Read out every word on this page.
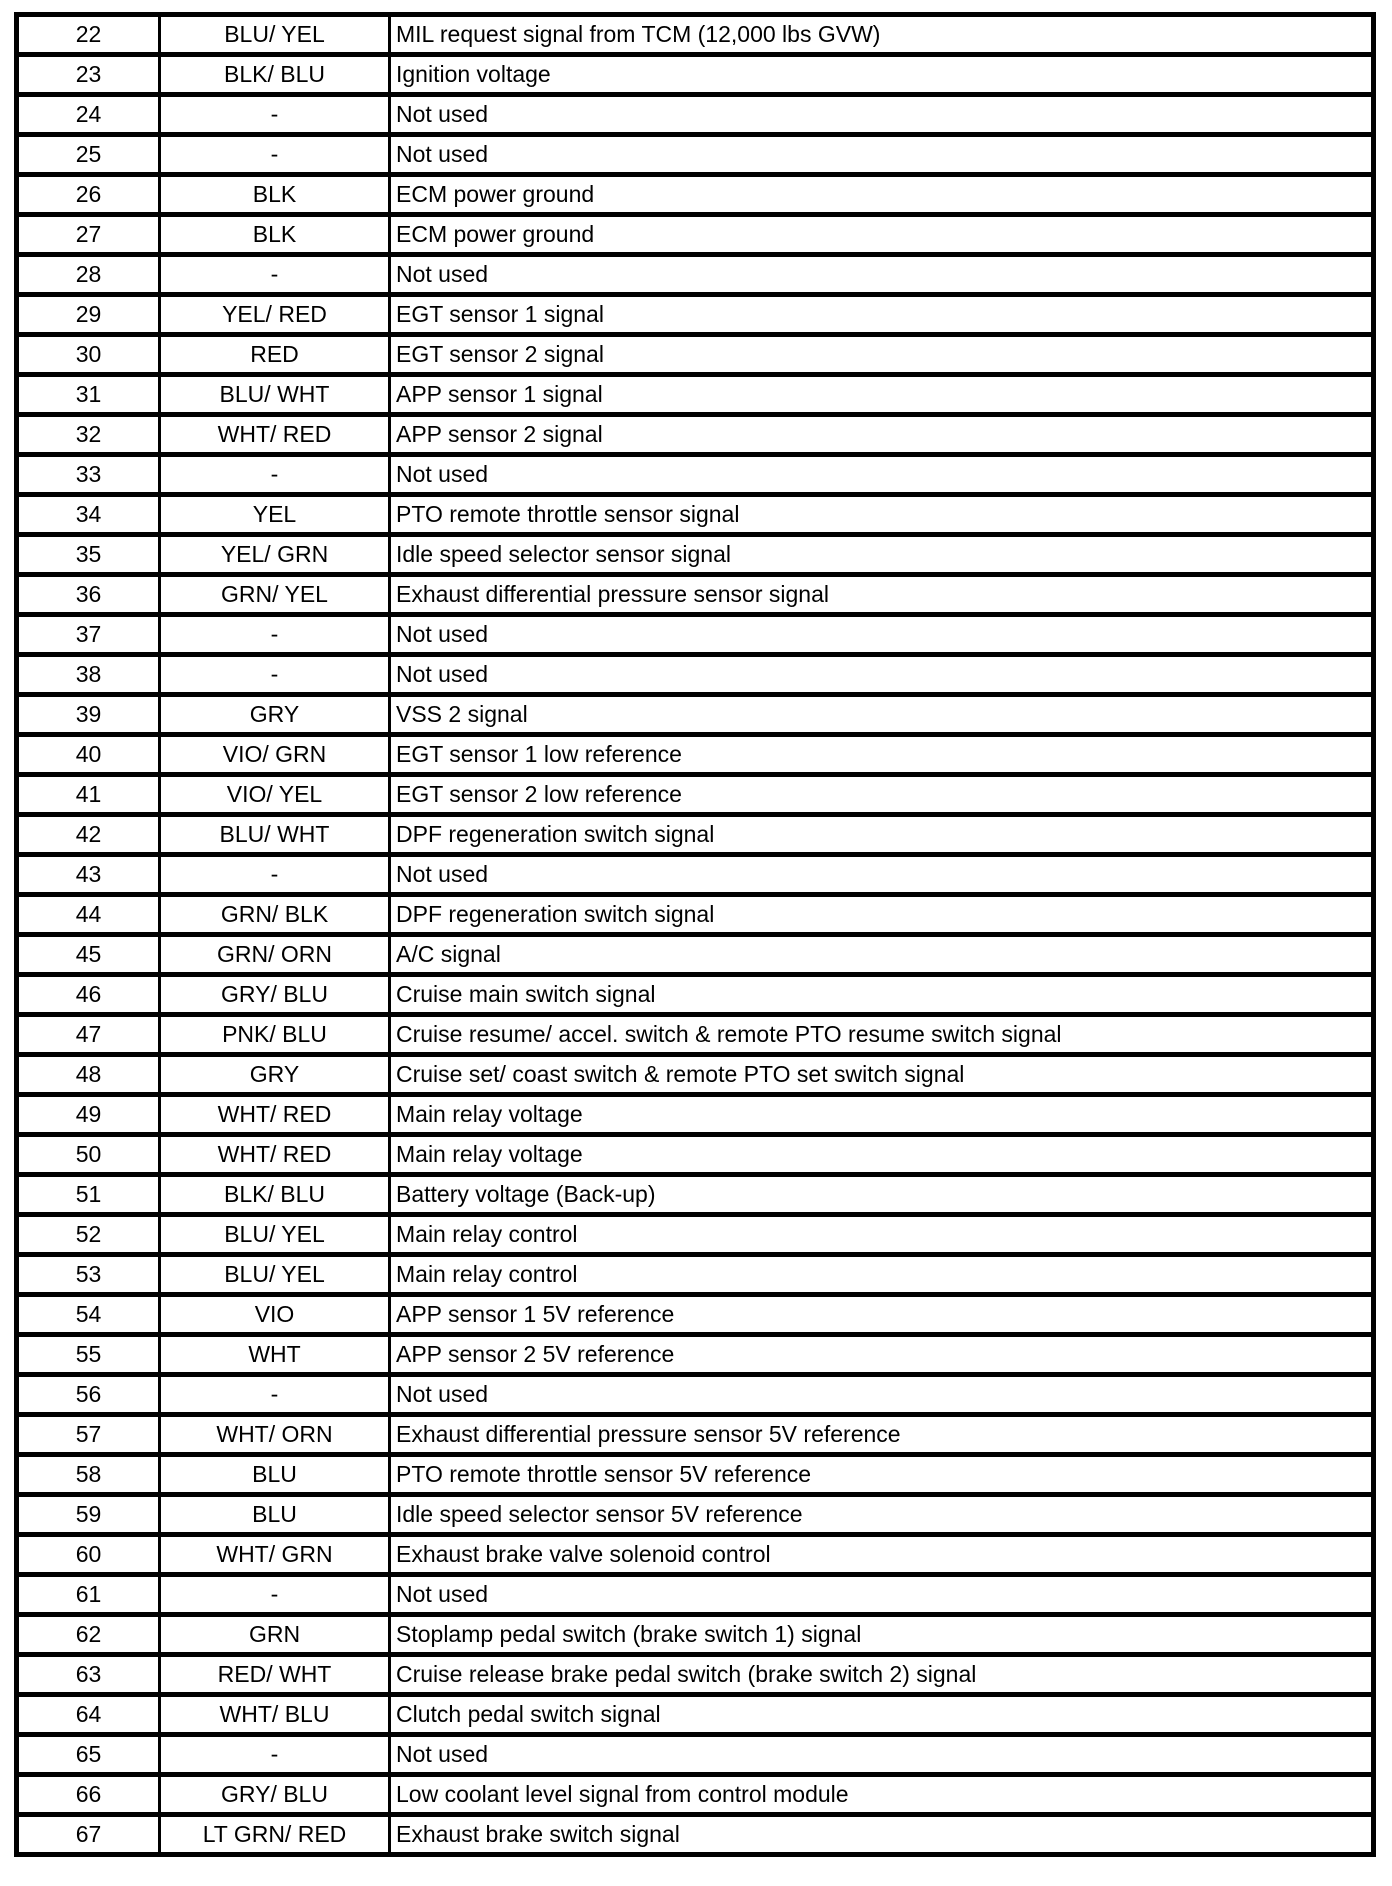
22	BLU/ YEL	MIL request signal from TCM (12,000 lbs GVW)
23	BLK/ BLU	Ignition voltage
24	-	Not used
25	-	Not used
26	BLK	ECM power ground
27	BLK	ECM power ground
28	-	Not used
29	YEL/ RED	EGT sensor 1 signal
30	RED	EGT sensor 2 signal
31	BLU/ WHT	APP sensor 1 signal
32	WHT/ RED	APP sensor 2 signal
33	-	Not used
34	YEL	PTO remote throttle sensor signal
35	YEL/ GRN	Idle speed selector sensor signal
36	GRN/ YEL	Exhaust differential pressure sensor signal
37	-	Not used
38	-	Not used
39	GRY	VSS 2 signal
40	VIO/ GRN	EGT sensor 1 low reference
41	VIO/ YEL	EGT sensor 2 low reference
42	BLU/ WHT	DPF regeneration switch signal
43	-	Not used
44	GRN/ BLK	DPF regeneration switch signal
45	GRN/ ORN	A/C signal
46	GRY/ BLU	Cruise main switch signal
47	PNK/ BLU	Cruise resume/ accel. switch & remote PTO resume switch signal
48	GRY	Cruise set/ coast switch & remote PTO set switch signal
49	WHT/ RED	Main relay voltage
50	WHT/ RED	Main relay voltage
51	BLK/ BLU	Battery voltage (Back-up)
52	BLU/ YEL	Main relay control
53	BLU/ YEL	Main relay control
54	VIO	APP sensor 1 5V reference
55	WHT	APP sensor 2 5V reference
56	-	Not used
57	WHT/ ORN	Exhaust differential pressure sensor 5V reference
58	BLU	PTO remote throttle sensor 5V reference
59	BLU	Idle speed selector sensor 5V reference
60	WHT/ GRN	Exhaust brake valve solenoid control
61	-	Not used
62	GRN	Stoplamp pedal switch (brake switch 1) signal
63	RED/ WHT	Cruise release brake pedal switch (brake switch 2) signal
64	WHT/ BLU	Clutch pedal switch signal
65	-	Not used
66	GRY/ BLU	Low coolant level signal from control module
67	LT GRN/ RED	Exhaust brake switch signal
